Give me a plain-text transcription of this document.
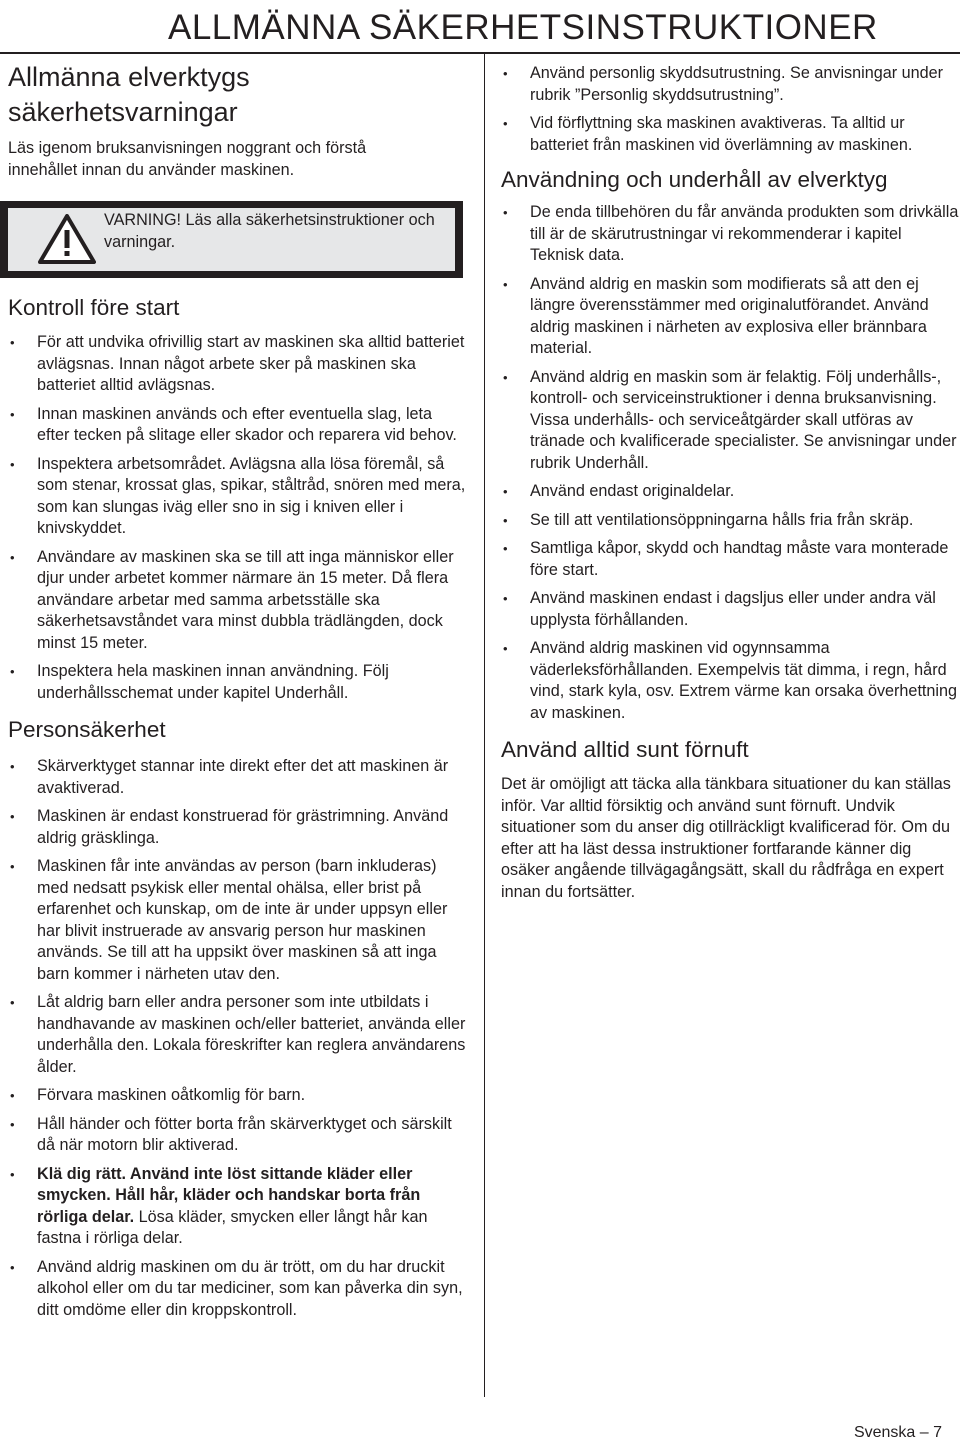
ALLMÄNNA SÄKERHETSINSTRUKTIONER
Allmänna elverktygs
säkerhetsvarningar

Läs igenom bruksanvisningen noggrant och förstå innehållet innan du använder maskinen.

VARNING! Läs alla säkerhetsinstruktioner och varningar.
Kontroll före start
• För att undvika ofrivillig start av maskinen ska alltid batteriet avlägsnas. Innan något arbete sker på maskinen ska batteriet alltid avlägsnas.
• Innan maskinen används och efter eventuella slag, leta efter tecken på slitage eller skador och reparera vid behov.
• Inspektera arbetsområdet. Avlägsna alla lösa föremål, så som stenar, krossat glas, spikar, ståltråd, snören med mera, som kan slungas iväg eller sno in sig i kniven eller i knivskyddet.
• Användare av maskinen ska se till att inga människor eller djur under arbetet kommer närmare än 15 meter. Då flera användare arbetar med samma arbetsställe ska säkerhetsavståndet vara minst dubbla trädlängden, dock minst 15 meter.
• Inspektera hela maskinen innan användning. Följ underhållsschemat under kapitel Underhåll.
Personsäkerhet
• Skärverktyget stannar inte direkt efter det att maskinen är avaktiverad.
• Maskinen är endast konstruerad för grästrimning. Använd aldrig gräsklinga.
• Maskinen får inte användas av person (barn inkluderas) med nedsatt psykisk eller mental ohälsa, eller brist på erfarenhet och kunskap, om de inte är under uppsyn eller har blivit instruerade av ansvarig person hur maskinen används. Se till att ha uppsikt över maskinen så att inga barn kommer i närheten utav den.
• Låt aldrig barn eller andra personer som inte utbildats i handhavande av maskinen och/eller batteriet, använda eller underhålla den. Lokala föreskrifter kan reglera användarens ålder.
• Förvara maskinen oåtkomlig för barn.
• Håll händer och fötter borta från skärverktyget och särskilt då när motorn blir aktiverad.
• Klä dig rätt. Använd inte löst sittande kläder eller smycken. Håll hår, kläder och handskar borta från rörliga delar. Lösa kläder, smycken eller långt hår kan fastna i rörliga delar.
• Använd aldrig maskinen om du är trött, om du har druckit alkohol eller om du tar mediciner, som kan påverka din syn, ditt omdöme eller din kroppskontroll.
• Använd personlig skyddsutrustning. Se anvisningar under rubrik ”Personlig skyddsutrustning”.
• Vid förflyttning ska maskinen avaktiveras. Ta alltid ur batteriet från maskinen vid överlämning av maskinen.
Användning och underhåll av elverktyg
• De enda tillbehören du får använda produkten som drivkälla till är de skärutrustningar vi rekommenderar i kapitel Teknisk data.
• Använd aldrig en maskin som modifierats så att den ej längre överensstämmer med originalutförandet. Använd aldrig maskinen i närheten av explosiva eller brännbara material.
• Använd aldrig en maskin som är felaktig. Följ underhålls-, kontroll- och serviceinstruktioner i denna bruksanvisning. Vissa underhålls- och serviceåtgärder skall utföras av tränade och kvalificerade specialister. Se anvisningar under rubrik Underhåll.
• Använd endast originaldelar.
• Se till att ventilationsöppningarna hålls fria från skräp.
• Samtliga kåpor, skydd och handtag måste vara monterade före start.
• Använd maskinen endast i dagsljus eller under andra väl upplysta förhållanden.
• Använd aldrig maskinen vid ogynnsamma väderleksförhållanden. Exempelvis tät dimma, i regn, hård vind, stark kyla, osv. Extrem värme kan orsaka överhettning av maskinen.
Använd alltid sunt förnuft

Det är omöjligt att täcka alla tänkbara situationer du kan ställas inför. Var alltid försiktig och använd sunt förnuft. Undvik situationer som du anser dig otillräckligt kvalificerad för. Om du efter att ha läst dessa instruktioner fortfarande känner dig osäker angående tillvägagångsätt, skall du rådfråga en expert innan du fortsätter.

Svenska – 7
